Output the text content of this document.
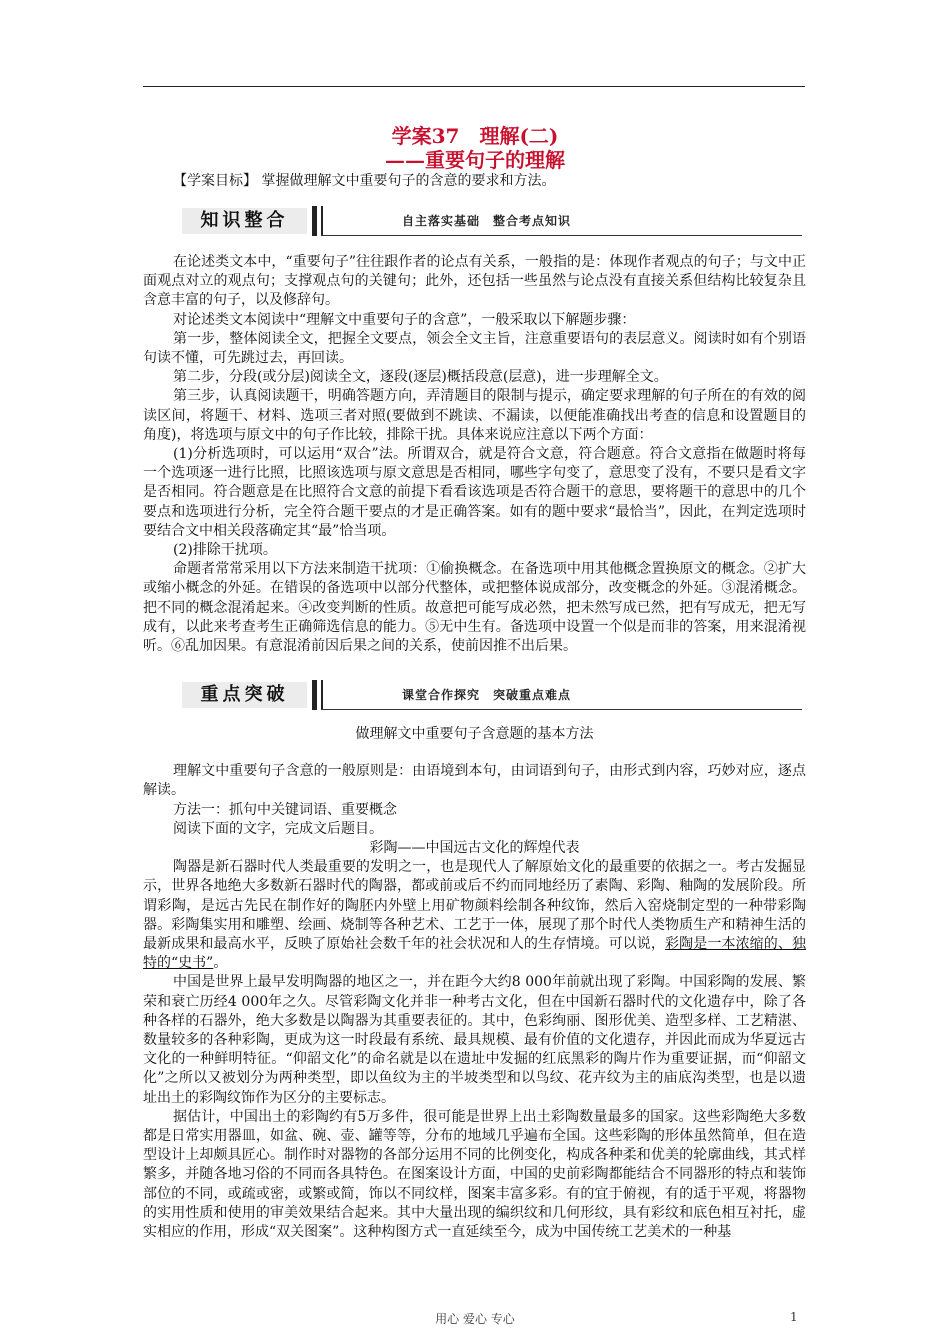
学案37　理解(二)
——重要句子的理解
【学案目标】 掌握做理解文中重要句子的含意的要求和方法。
知识整合	自主落实基础　整合考点知识

在论述类文本中，“重要句子”往往跟作者的论点有关系，一般指的是：体现作者观点的句子；与文中正面观点对立的观点句；支撑观点句的关键句；此外，还包括一些虽然与论点没有直接关系但结构比较复杂且含意丰富的句子，以及修辞句。

对论述类文本阅读中“理解文中重要句子的含意”，一般采取以下解题步骤：

第一步，整体阅读全文，把握全文要点，领会全文主旨，注意重要语句的表层意义。阅读时如有个别语句读不懂，可先跳过去，再回读。

第二步，分段(或分层)阅读全文，逐段(逐层)概括段意(层意)，进一步理解全文。

第三步，认真阅读题干，明确答题方向，弄清题目的限制与提示，确定要求理解的句子所在的有效的阅读区间，将题干、材料、选项三者对照(要做到不跳读、不漏读，以便能准确找出考查的信息和设置题目的角度)，将选项与原文中的句子作比较，排除干扰。具体来说应注意以下两个方面：

(1)分析选项时，可以运用“双合”法。所谓双合，就是符合文意，符合题意。符合文意指在做题时将每一个选项逐一进行比照，比照该选项与原文意思是否相同，哪些字句变了，意思变了没有，不要只是看文字是否相同。符合题意是在比照符合文意的前提下看看该选项是否符合题干的意思，要将题干的意思中的几个要点和选项进行分析，完全符合题干要点的才是正确答案。如有的题中要求“最恰当”，因此，在判定选项时要结合文中相关段落确定其“最”恰当项。

(2)排除干扰项。

命题者常常采用以下方法来制造干扰项：①偷换概念。在备选项中用其他概念置换原文的概念。②扩大或缩小概念的外延。在错误的备选项中以部分代整体，或把整体说成部分，改变概念的外延。③混淆概念。把不同的概念混淆起来。④改变判断的性质。故意把可能写成必然，把未然写成已然，把有写成无，把无写成有，以此来考查考生正确筛选信息的能力。⑤无中生有。备选项中设置一个似是而非的答案，用来混淆视听。⑥乱加因果。有意混淆前因后果之间的关系，使前因推不出后果。

重点突破	课堂合作探究　突破重点难点

做理解文中重要句子含意题的基本方法

理解文中重要句子含意的一般原则是：由语境到本句，由词语到句子，由形式到内容，巧妙对应，逐点解读。

方法一：抓句中关键词语、重要概念

阅读下面的文字，完成文后题目。

彩陶——中国远古文化的辉煌代表

陶器是新石器时代人类最重要的发明之一，也是现代人了解原始文化的最重要的依据之一。考古发掘显示，世界各地绝大多数新石器时代的陶器，都或前或后不约而同地经历了素陶、彩陶、釉陶的发展阶段。所谓彩陶，是远古先民在制作好的陶胚内外壁上用矿物颜料绘制各种纹饰，然后入窑烧制定型的一种带彩陶器。彩陶集实用和雕塑、绘画、烧制等各种艺术、工艺于一体，展现了那个时代人类物质生产和精神生活的最新成果和最高水平，反映了原始社会数千年的社会状况和人的生存情境。可以说，彩陶是一本浓缩的、独特的“史书”。

中国是世界上最早发明陶器的地区之一，并在距今大约8 000年前就出现了彩陶。中国彩陶的发展、繁荣和衰亡历经4 000年之久。尽管彩陶文化并非一种考古文化，但在中国新石器时代的文化遗存中，除了各种各样的石器外，绝大多数是以陶器为其重要表征的。其中，色彩绚丽、图形优美、造型多样、工艺精湛、数量较多的各种彩陶，更成为这一时段最有系统、最具规模、最有价值的文化遗存，并因此而成为华夏远古文化的一种鲜明特征。“仰韶文化”的命名就是以在遗址中发掘的红底黑彩的陶片作为重要证据，而“仰韶文化”之所以又被划分为两种类型，即以鱼纹为主的半坡类型和以鸟纹、花卉纹为主的庙底沟类型，也是以遗址出土的彩陶纹饰作为区分的主要标志。

据估计，中国出土的彩陶约有5万多件，很可能是世界上出土彩陶数量最多的国家。这些彩陶绝大多数都是日常实用器皿，如盆、碗、壶、罐等等，分布的地域几乎遍布全国。这些彩陶的形体虽然简单，但在造型设计上却颇具匠心。制作时对器物的各部分运用不同的比例变化，构成各种柔和优美的轮廓曲线，其式样繁多，并随各地习俗的不同而各具特色。在图案设计方面，中国的史前彩陶都能结合不同器形的特点和装饰部位的不同，或疏或密，或繁或简，饰以不同纹样，图案丰富多彩。有的宜于俯视，有的适于平观，将器物的实用性质和使用的审美效果结合起来。其中大量出现的编织纹和几何形纹，具有彩纹和底色相互衬托，虚实相应的作用，形成“双关图案”。这种构图方式一直延续至今，成为中国传统工艺美术的一种基

用心 爱心 专心	1
